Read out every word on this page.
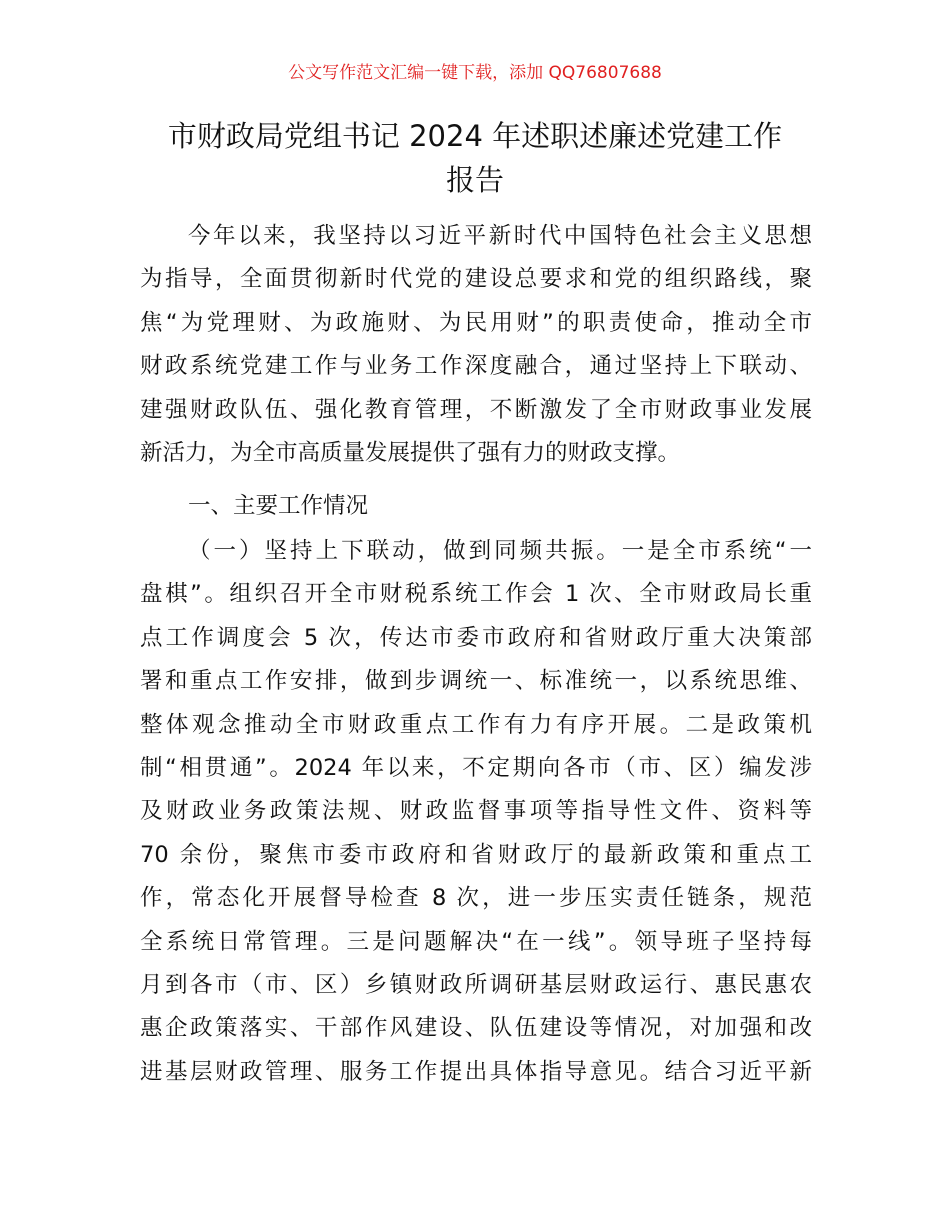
公文写作范文汇编一键下载，添加 QQ76807688
市财政局党组书记 2024 年述职述廉述党建工作
报告
今年以来，我坚持以习近平新时代中国特色社会主义思想
为指导，全面贯彻新时代党的建设总要求和党的组织路线，聚
焦“为党理财、为政施财、为民用财”的职责使命，推动全市
财政系统党建工作与业务工作深度融合，通过坚持上下联动、
建强财政队伍、强化教育管理，不断激发了全市财政事业发展
新活力，为全市高质量发展提供了强有力的财政支撑。
一、主要工作情况
（一）坚持上下联动，做到同频共振。一是全市系统“一
盘棋”。组织召开全市财税系统工作会 1 次、全市财政局长重
点工作调度会 5 次，传达市委市政府和省财政厅重大决策部
署和重点工作安排，做到步调统一、标准统一，以系统思维、
整体观念推动全市财政重点工作有力有序开展。二是政策机
制“相贯通”。2024 年以来，不定期向各市（市、区）编发涉
及财政业务政策法规、财政监督事项等指导性文件、资料等
70 余份，聚焦市委市政府和省财政厅的最新政策和重点工
作，常态化开展督导检查 8 次，进一步压实责任链条，规范
全系统日常管理。三是问题解决“在一线”。领导班子坚持每
月到各市（市、区）乡镇财政所调研基层财政运行、惠民惠农
惠企政策落实、干部作风建设、队伍建设等情况，对加强和改
进基层财政管理、服务工作提出具体指导意见。结合习近平新
